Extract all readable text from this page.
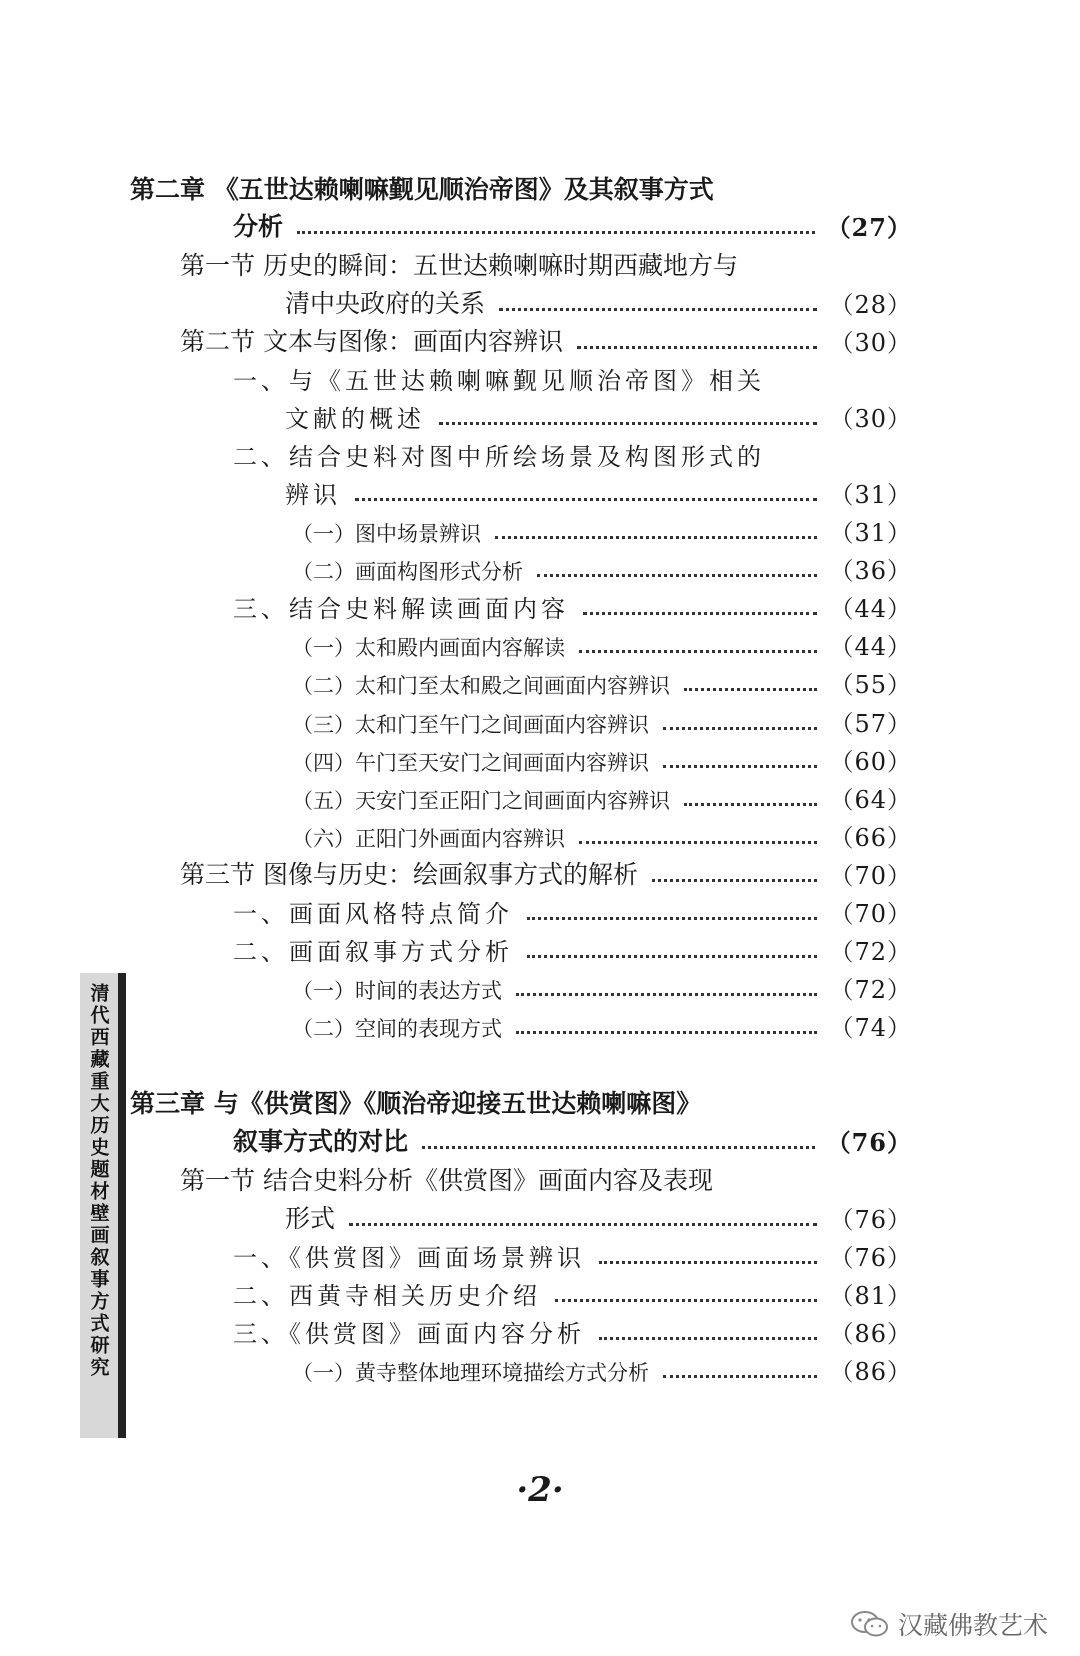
第二章 《五世达赖喇嘛觐见顺治帝图》及其叙事方式
分析	（27）
第一节 历史的瞬间：五世达赖喇嘛时期西藏地方与
清中央政府的关系	（28）
第二节 文本与图像：画面内容辨识	（30）
一、与《五世达赖喇嘛觐见顺治帝图》相关
文献的概述	（30）
二、结合史料对图中所绘场景及构图形式的
辨识	（31）
（一）图中场景辨识	（31）
（二）画面构图形式分析	（36）
三、结合史料解读画面内容	（44）
（一）太和殿内画面内容解读	（44）
（二）太和门至太和殿之间画面内容辨识	（55）
（三）太和门至午门之间画面内容辨识	（57）
（四）午门至天安门之间画面内容辨识	（60）
（五）天安门至正阳门之间画面内容辨识	（64）
（六）正阳门外画面内容辨识	（66）
第三节 图像与历史：绘画叙事方式的解析	（70）
一、画面风格特点简介	（70）
二、画面叙事方式分析	（72）
（一）时间的表达方式	（72）
（二）空间的表现方式	（74）
第三章 与《供赏图》《顺治帝迎接五世达赖喇嘛图》
叙事方式的对比	（76）
第一节 结合史料分析《供赏图》画面内容及表现
形式	（76）
一、《供赏图》画面场景辨识	（76）
二、西黄寺相关历史介绍	（81）
三、《供赏图》画面内容分析	（86）
（一）黄寺整体地理环境描绘方式分析	（86）
清代西藏重大历史题材壁画叙事方式研究
·2·
汉藏佛教艺术
